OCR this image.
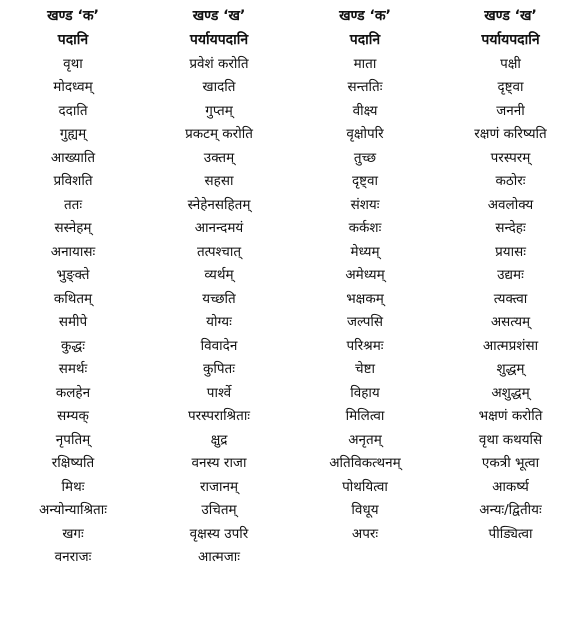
खण्ड ‘क’	खण्ड ‘ख’	खण्ड ‘क’	खण्ड ‘ख’
पदानि	पर्यायपदानि	पदानि	पर्यायपदानि
वृथा	प्रवेशं करोति	माता	पक्षी
मोदध्वम्	खादति	सन्ततिः	दृष्ट्वा
ददाति	गुप्तम्	वीक्ष्य	जननी
गुह्यम्	प्रकटम् करोति	वृक्षोपरि	रक्षणं करिष्यति
आख्याति	उक्तम्	तुच्छ	परस्परम्
प्रविशति	सहसा	दृष्ट्वा	कठोरः
ततः	स्नेहेनसहितम्	संशयः	अवलोक्य
सस्नेहम्	आनन्दमयं	कर्कशः	सन्देहः
अनायासः	तत्पश्चात्	मेध्यम्	प्रयासः
भुङ्क्ते	व्यर्थम्	अमेध्यम्	उद्यमः
कथितम्	यच्छति	भक्षकम्	त्यक्त्वा
समीपे	योग्यः	जल्पसि	असत्यम्
कुद्धः	विवादेन	परिश्रमः	आत्मप्रशंसा
समर्थः	कुपितः	चेष्टा	शुद्धम्
कलहेन	पार्श्वे	विहाय	अशुद्धम्
सम्यक्	परस्पराश्रिताः	मिलित्वा	भक्षणं करोति
नृपतिम्	क्षुद्र	अनृतम्	वृथा कथयसि
रक्षिष्यति	वनस्य राजा	अतिविकत्थनम्	एकत्री भूत्वा
मिथः	राजानम्	पोथयित्वा	आकर्ष्य
अन्योन्याश्रिताः	उचितम्	विधूय	अन्यः/द्वितीयः
खगः	वृक्षस्य उपरि	अपरः	पीड्यित्वा
वनराजः	आत्मजाः		
